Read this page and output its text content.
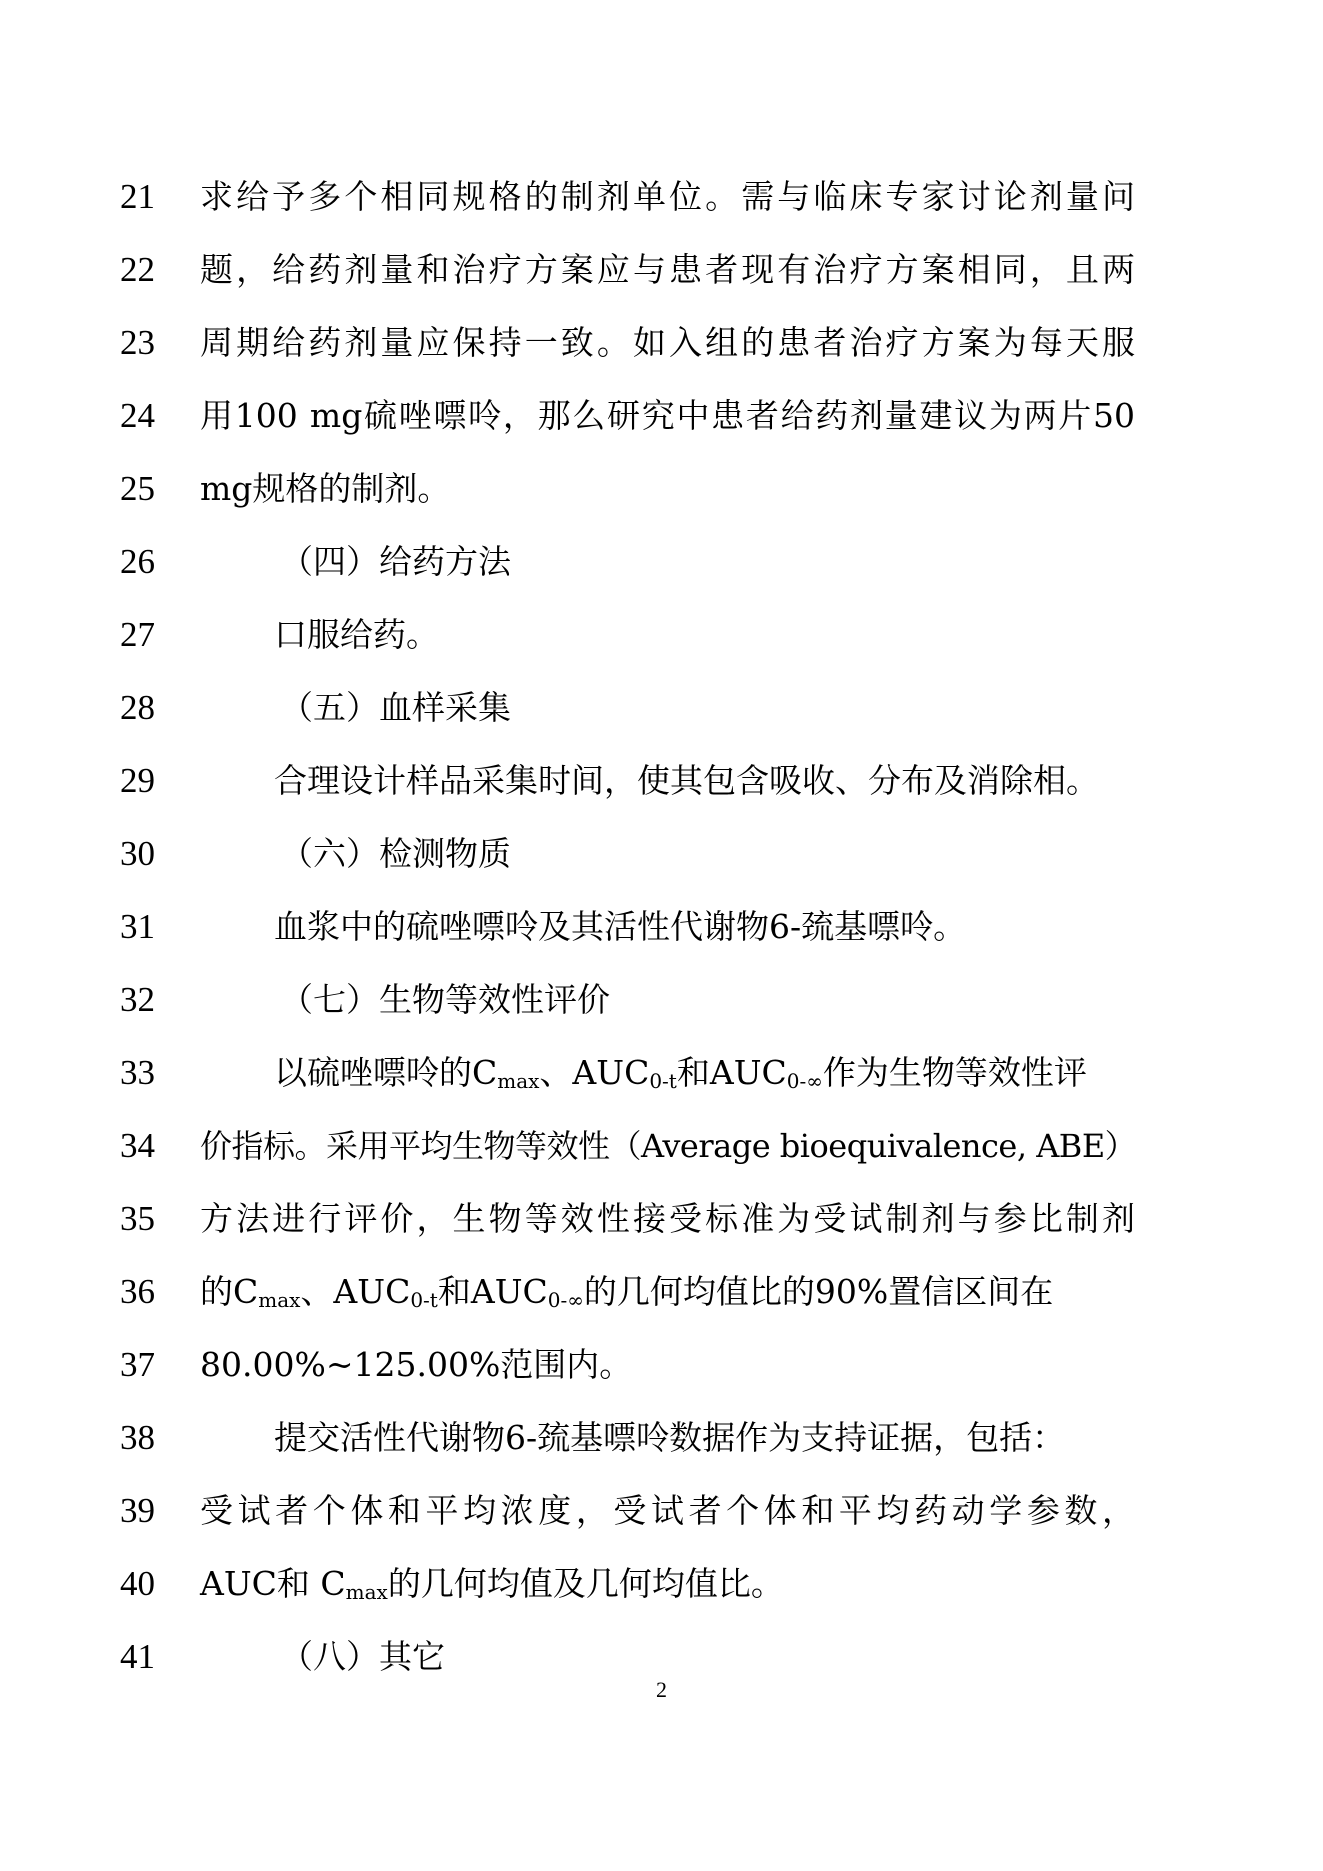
21 求给予多个相同规格的制剂单位。需与临床专家讨论剂量问
22 题，给药剂量和治疗方案应与患者现有治疗方案相同，且两
23 周期给药剂量应保持一致。如入组的患者治疗方案为每天服
24 用100 mg硫唑嘌呤，那么研究中患者给药剂量建议为两片50
25 mg规格的制剂。
26	（四）给药方法
27	口服给药。
28	（五）血样采集
29	合理设计样品采集时间，使其包含吸收、分布及消除相。
30	（六）检测物质
31	血浆中的硫唑嘌呤及其活性代谢物6-巯基嘌呤。
32	（七）生物等效性评价
33	以硫唑嘌呤的$C_{max}$、$AUC_{0-t}$和$AUC_{0-\infty}$作为生物等效性评
34 价指标。采用平均生物等效性（Average bioequivalence, ABE）
35 方法进行评价，生物等效性接受标准为受试制剂与参比制剂
36 的$C_{max}$、$AUC_{0-t}$和$AUC_{0-\infty}$的几何均值比的90%置信区间在
37 80.00%~125.00%范围内。
38	提交活性代谢物6-巯基嘌呤数据作为支持证据，包括：
39 受试者个体和平均浓度，受试者个体和平均药动学参数，
40 AUC和 $C_{max}$的几何均值及几何均值比。
41	（八）其它
2
